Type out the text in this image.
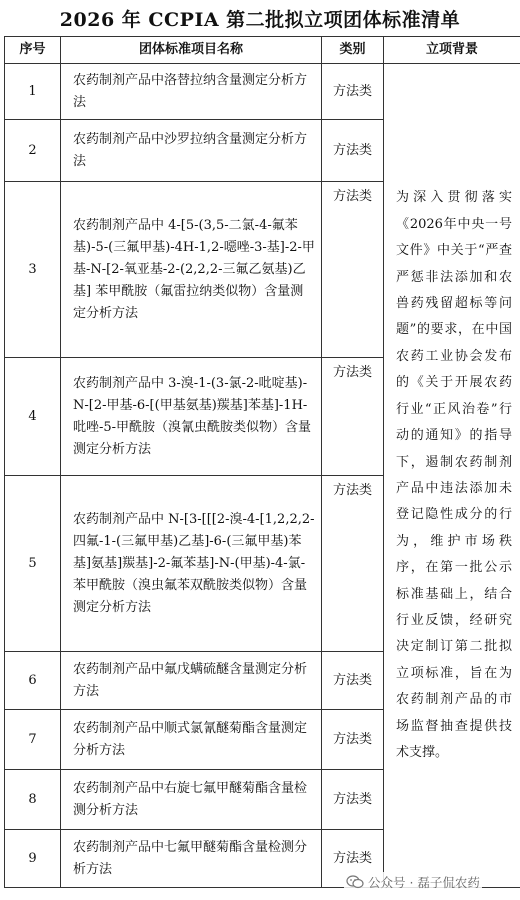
2026 年 CCPIA 第二批拟立项团体标准清单
序号	团体标准项目名称	类别	立项背景
1	农药制剂产品中洛替拉纳含量测定分析方法	方法类	为深入贯彻落实《2026年中央一号文件》中关于“严查严惩非法添加和农兽药残留超标等问题”的要求，在中国农药工业协会发布的《关于开展农药行业“正风治卷”行动的通知》的指导下，遏制农药制剂产品中违法添加未登记隐性成分的行为，维护市场秩序，在第一批公示标准基础上，结合行业反馈，经研究决定制订第二批拟立项标准，旨在为农药制剂产品的市场监督抽查提供技术支撑。
2	农药制剂产品中沙罗拉纳含量测定分析方法	方法类	
3	农药制剂产品中 4-[5-(3,5-二氯-4-氟苯基)-5-(三氟甲基)-4H-1,2-噁唑-3-基]-2-甲基-N-[2-氧亚基-2-(2,2,2-三氟乙氨基)乙基] 苯甲酰胺（氟雷拉纳类似物）含量测定分析方法	方法类	
4	农药制剂产品中 3-溴-1-(3-氯-2-吡啶基)-N-[2-甲基-6-[(甲基氨基)羰基]苯基]-1H-吡唑-5-甲酰胺（溴氰虫酰胺类似物）含量测定分析方法	方法类	
5	农药制剂产品中 N-[3-[[[2-溴-4-[1,2,2,2-四氟-1-(三氟甲基)乙基]-6-(三氟甲基)苯基]氨基]羰基]-2-氟苯基]-N-(甲基)-4-氯-苯甲酰胺（溴虫氟苯双酰胺类似物）含量测定分析方法	方法类	
6	农药制剂产品中氟戊螨硫醚含量测定分析方法	方法类	
7	农药制剂产品中顺式氯氰醚菊酯含量测定分析方法	方法类	
8	农药制剂产品中右旋七氟甲醚菊酯含量检测分析方法	方法类	
9	农药制剂产品中七氟甲醚菊酯含量检测分析方法	方法类	
公众号 · 磊子侃农药
